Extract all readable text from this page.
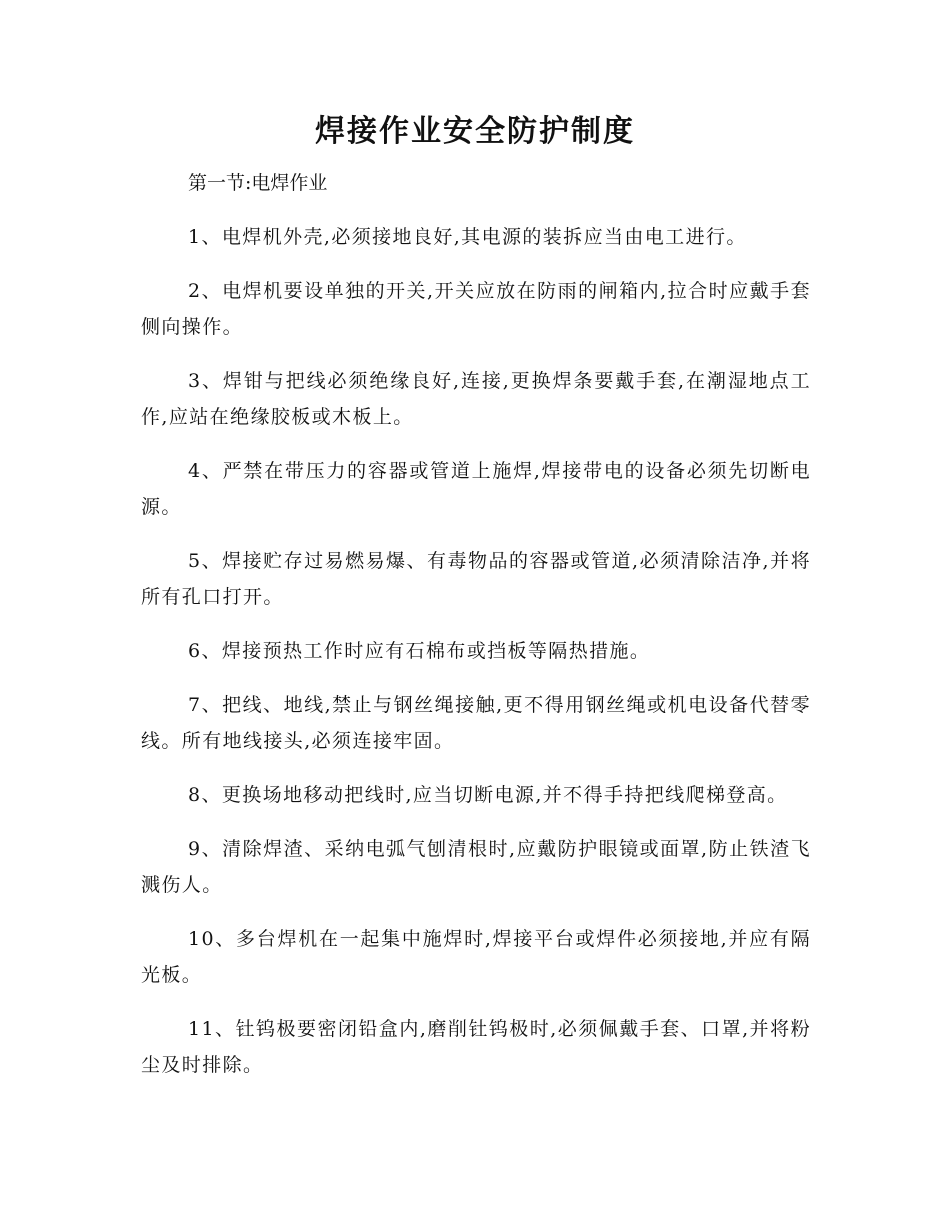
焊接作业安全防护制度

第一节:电焊作业

1、电焊机外壳,必须接地良好,其电源的装拆应当由电工进行。

2、电焊机要设单独的开关,开关应放在防雨的闸箱内,拉合时应戴手套侧向操作。

3、焊钳与把线必须绝缘良好,连接,更换焊条要戴手套,在潮湿地点工作,应站在绝缘胶板或木板上。

4、严禁在带压力的容器或管道上施焊,焊接带电的设备必须先切断电源。

5、焊接贮存过易燃易爆、有毒物品的容器或管道,必须清除洁净,并将所有孔口打开。

6、焊接预热工作时应有石棉布或挡板等隔热措施。

7、把线、地线,禁止与钢丝绳接触,更不得用钢丝绳或机电设备代替零线。所有地线接头,必须连接牢固。

8、更换场地移动把线时,应当切断电源,并不得手持把线爬梯登高。

9、清除焊渣、采纳电弧气刨清根时,应戴防护眼镜或面罩,防止铁渣飞溅伤人。

10、多台焊机在一起集中施焊时,焊接平台或焊件必须接地,并应有隔光板。

11、钍钨极要密闭铅盒内,磨削钍钨极时,必须佩戴手套、口罩,并将粉尘及时排除。
